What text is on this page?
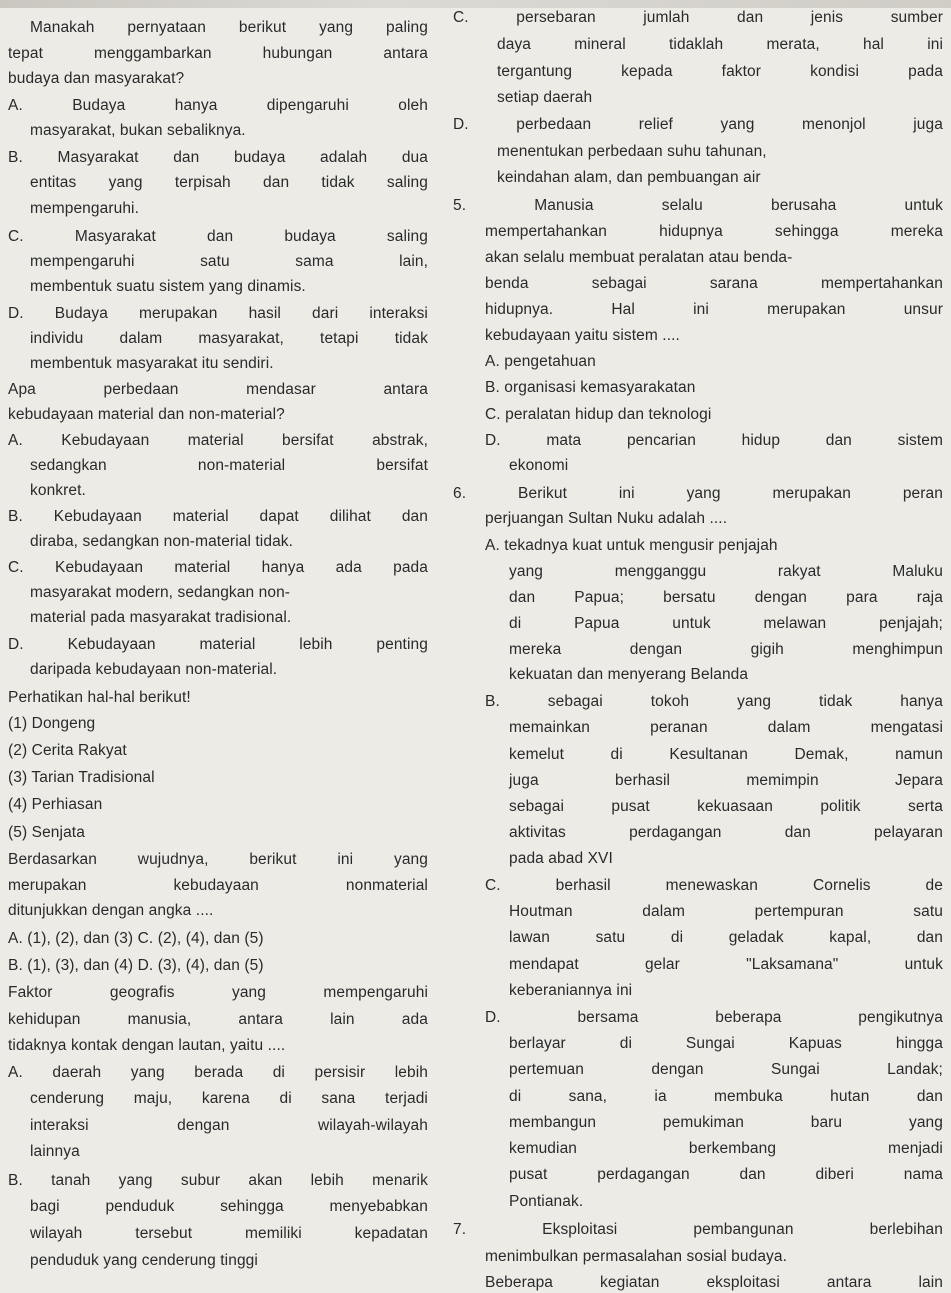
Manakah pernyataan berikut yang paling
tepat	menggambarkan	hubungan	antara
budaya dan masyarakat?
A.	Budaya	hanya	dipengaruhi	oleh
masyarakat, bukan sebaliknya.
B. Masyarakat dan budaya adalah dua
entitas yang terpisah dan tidak saling
mempengaruhi.
C.	Masyarakat	dan	budaya	saling
mempengaruhi	satu	sama	lain,
membentuk suatu sistem yang dinamis.
D. Budaya merupakan hasil dari interaksi
individu dalam masyarakat, tetapi tidak
membentuk masyarakat itu sendiri.
Apa	perbedaan	mendasar	antara
kebudayaan material dan non-material?
A. Kebudayaan material bersifat abstrak,
sedangkan	non-material	bersifat
konkret.
B. Kebudayaan material dapat dilihat dan
diraba, sedangkan non-material tidak.
C. Kebudayaan material hanya ada pada
masyarakat modern, sedangkan non-
material pada masyarakat tradisional.
D.	Kebudayaan	material	lebih	penting
daripada kebudayaan non-material.
Perhatikan hal-hal berikut!
(1) Dongeng
(2) Cerita Rakyat
(3) Tarian Tradisional
(4) Perhiasan
(5) Senjata
Berdasarkan	wujudnya,	berikut	ini	yang
merupakan	kebudayaan	nonmaterial
ditunjukkan dengan angka ....
A. (1), (2), dan (3) C. (2), (4), dan (5)
B. (1), (3), dan (4) D. (3), (4), dan (5)
Faktor	geografis	yang	mempengaruhi
kehidupan	manusia,	antara	lain	ada
tidaknya kontak dengan lautan, yaitu ....
A. daerah yang berada di persisir lebih
cenderung maju, karena di sana terjadi
interaksi	dengan	wilayah-wilayah
lainnya
B. tanah yang subur akan lebih menarik
bagi	penduduk	sehingga	menyebabkan
wilayah	tersebut	memiliki	kepadatan
penduduk yang cenderung tinggi
C.	persebaran	jumlah	dan	jenis	sumber
daya	mineral	tidaklah	merata,	hal	ini
tergantung	kepada	faktor	kondisi	pada
setiap daerah
D.	perbedaan	relief	yang	menonjol	juga
menentukan perbedaan suhu tahunan,
keindahan alam, dan pembuangan air
5.	Manusia	selalu	berusaha	untuk
mempertahankan	hidupnya	sehingga	mereka
akan selalu membuat peralatan atau benda-
benda	sebagai	sarana	mempertahankan
hidupnya.	Hal	ini	merupakan	unsur
kebudayaan yaitu sistem ....
A. pengetahuan
B. organisasi kemasyarakatan
C. peralatan hidup dan teknologi
D.	mata	pencarian	hidup	dan	sistem
ekonomi
6.	Berikut	ini	yang	merupakan	peran
perjuangan Sultan Nuku adalah ....
A. tekadnya kuat untuk mengusir penjajah
yang	mengganggu	rakyat	Maluku
dan	Papua;	bersatu	dengan	para	raja
di	Papua	untuk	melawan	penjajah;
mereka	dengan	gigih	menghimpun
kekuatan dan menyerang Belanda
B.	sebagai	tokoh	yang	tidak	hanya
memainkan	peranan	dalam	mengatasi
kemelut	di	Kesultanan	Demak,	namun
juga	berhasil	memimpin	Jepara
sebagai	pusat	kekuasaan	politik	serta
aktivitas	perdagangan	dan	pelayaran
pada abad XVI
C.	berhasil	menewaskan	Cornelis	de
Houtman	dalam	pertempuran	satu
lawan	satu	di	geladak	kapal,	dan
mendapat	gelar	"Laksamana"	untuk
keberaniannya ini
D.	bersama	beberapa	pengikutnya
berlayar	di	Sungai	Kapuas	hingga
pertemuan	dengan	Sungai	Landak;
di	sana,	ia	membuka	hutan	dan
membangun	pemukiman	baru	yang
kemudian	berkembang	menjadi
pusat	perdagangan	dan	diberi	nama
Pontianak.
7.	Eksploitasi	pembangunan	berlebihan
menimbulkan permasalahan sosial budaya.
Beberapa	kegiatan	eksploitasi	antara	lain
